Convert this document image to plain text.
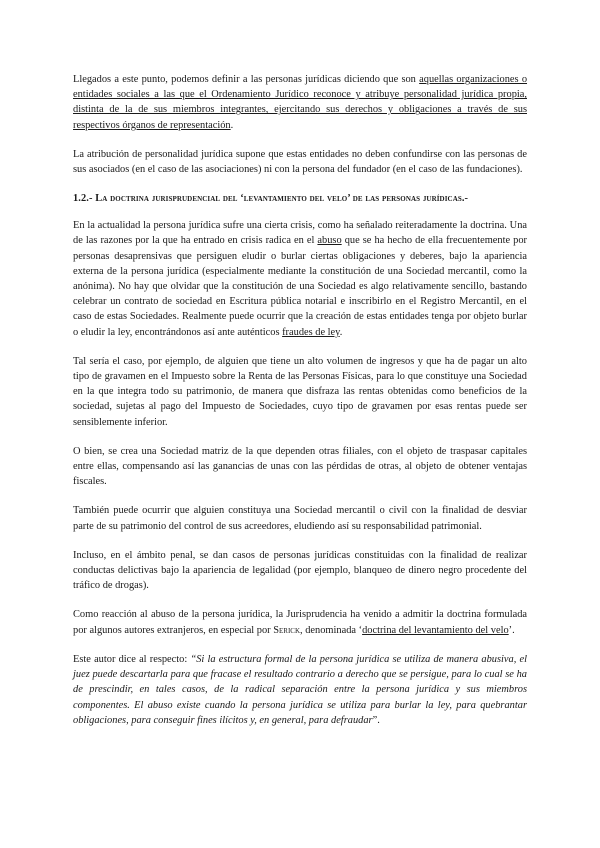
Llegados a este punto, podemos definir a las personas jurídicas diciendo que son aquellas organizaciones o entidades sociales a las que el Ordenamiento Jurídico reconoce y atribuye personalidad jurídica propia, distinta de la de sus miembros integrantes, ejercitando sus derechos y obligaciones a través de sus respectivos órganos de representación.

La atribución de personalidad jurídica supone que estas entidades no deben confundirse con las personas de sus asociados (en el caso de las asociaciones) ni con la persona del fundador (en el caso de las fundaciones).

1.2.- La doctrina jurisprudencial del ‘levantamiento del velo’ de las personas jurídicas.-

En la actualidad la persona jurídica sufre una cierta crisis, como ha señalado reiteradamente la doctrina. Una de las razones por la que ha entrado en crisis radica en el abuso que se ha hecho de ella frecuentemente por personas desaprensivas que persiguen eludir o burlar ciertas obligaciones y deberes, bajo la apariencia externa de la persona jurídica (especialmente mediante la constitución de una Sociedad mercantil, como la anónima). No hay que olvidar que la constitución de una Sociedad es algo relativamente sencillo, bastando celebrar un contrato de sociedad en Escritura pública notarial e inscribirlo en el Registro Mercantil, en el caso de estas Sociedades. Realmente puede ocurrir que la creación de estas entidades tenga por objeto burlar o eludir la ley, encontrándonos así ante auténticos fraudes de ley.

Tal sería el caso, por ejemplo, de alguien que tiene un alto volumen de ingresos y que ha de pagar un alto tipo de gravamen en el Impuesto sobre la Renta de las Personas Físicas, para lo que constituye una Sociedad en la que integra todo su patrimonio, de manera que disfraza las rentas obtenidas como beneficios de la sociedad, sujetas al pago del Impuesto de Sociedades, cuyo tipo de gravamen por esas rentas puede ser sensiblemente inferior.

O bien, se crea una Sociedad matriz de la que dependen otras filiales, con el objeto de traspasar capitales entre ellas, compensando así las ganancias de unas con las pérdidas de otras, al objeto de obtener ventajas fiscales.

También puede ocurrir que alguien constituya una Sociedad mercantil o civil con la finalidad de desviar parte de su patrimonio del control de sus acreedores, eludiendo así su responsabilidad patrimonial.

Incluso, en el ámbito penal, se dan casos de personas jurídicas constituidas con la finalidad de realizar conductas delictivas bajo la apariencia de legalidad (por ejemplo, blanqueo de dinero negro procedente del tráfico de drogas).

Como reacción al abuso de la persona jurídica, la Jurisprudencia ha venido a admitir la doctrina formulada por algunos autores extranjeros, en especial por Serick, denominada ‘doctrina del levantamiento del velo’.

Este autor dice al respecto: “Si la estructura formal de la persona jurídica se utiliza de manera abusiva, el juez puede descartarla para que fracase el resultado contrario a derecho que se persigue, para lo cual se ha de prescindir, en tales casos, de la radical separación entre la persona jurídica y sus miembros componentes. El abuso existe cuando la persona jurídica se utiliza para burlar la ley, para quebrantar obligaciones, para conseguir fines ilícitos y, en general, para defraudar”.
